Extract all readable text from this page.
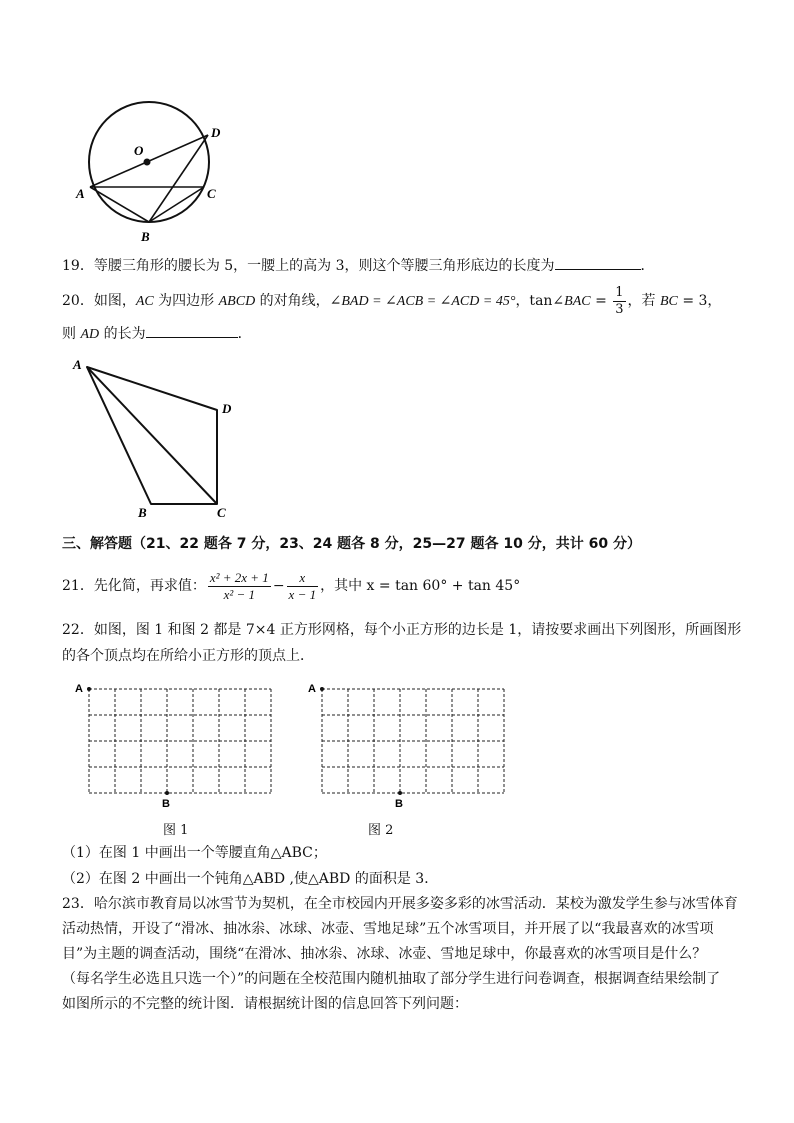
O
D
A	C
B
19．等腰三角形的腰长为 5，一腰上的高为 3，则这个等腰三角形底边的长度为	．
20．如图，AC 为四边形 ABCD 的对角线，∠BAD = ∠ACB = ∠ACD = 45°，tan∠BAC = $\frac{1}{3}$ ，若 BC = 3，
则 AD 的长为	．
A
D
B	C
三、解答题（21、22 题各 7 分，23、24 题各 8 分，25—27 题各 10 分，共计 60 分）
21．先化简，再求值： $\frac{\text{x² + 2x + 1}}{\text{x² − 1}} - \frac{x}{x - 1}$ ，其中 x = tan 60° + tan 45°
22．如图，图 1 和图 2 都是 7×4 正方形网格，每个小正方形的边长是 1，请按要求画出下列图形，所画图形
的各个顶点均在所给小正方形的顶点上．
A
B
图 1
A
B
图 2
（1）在图 1 中画出一个等腰直角△ABC；
（2）在图 2 中画出一个钝角△ABD ,使△ABD 的面积是 3．
23．哈尔滨市教育局以冰雪节为契机，在全市校园内开展多姿多彩的冰雪活动．某校为激发学生参与冰雪体育
活动热情，开设了“滑冰、抽冰尜、冰球、冰壶、雪地足球”五个冰雪项目，并开展了以“我最喜欢的冰雪项
目”为主题的调查活动，围绕“在滑冰、抽冰尜、冰球、冰壶、雪地足球中，你最喜欢的冰雪项目是什么？
（每名学生必选且只选一个）”的问题在全校范围内随机抽取了部分学生进行问卷调查，根据调查结果绘制了
如图所示的不完整的统计图．请根据统计图的信息回答下列问题：
